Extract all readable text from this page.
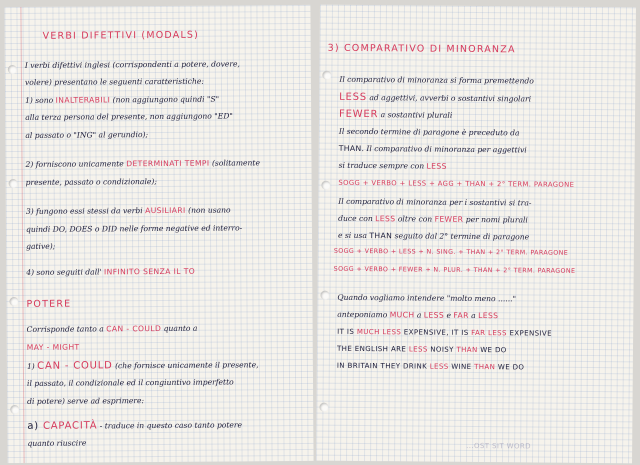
VERBI DIFETTIVI (MODALS)
I verbi difettivi inglesi (corrispondenti a potere, dovere,
volere) presentano le seguenti caratteristiche:
1) sono INALTERABILI (non aggiungono quindi "S"
alla terza persona del presente, non aggiungono "ED"
al passato o "ING" al gerundio);
2) forniscono unicamente DETERMINATI TEMPI (solitamente
presente, passato o condizionale);
3) fungono essi stessi da verbi AUSILIARI (non usano
quindi DO, DOES o DID nelle forme negative ed interro-
gative);
4) sono seguiti dall' INFINITO SENZA IL TO
POTERE
Corrisponde tanto a CAN - COULD quanto a
MAY - MIGHT
1) CAN - COULD (che fornisce unicamente il presente,
il passato, il condizionale ed il congiuntivo imperfetto
di potere) serve ad esprimere:
a) CAPACITÀ - traduce in questo caso tanto potere
quanto riuscire
3) COMPARATIVO DI MINORANZA
Il comparativo di minoranza si forma premettendo
LESS ad aggettivi, avverbi o sostantivi singolari
FEWER a sostantivi plurali
Il secondo termine di paragone è preceduto da
THAN. Il comparativo di minoranza per aggettivi
si traduce sempre con LESS
SOGG + VERBO + LESS + AGG + THAN + 2° TERM. PARAGONE
Il comparativo di minoranza per i sostantivi si tra-
duce con LESS oltre con FEWER per nomi plurali
e si usa THAN seguito dal 2° termine di paragone
SOGG + VERBO + LESS + N. SING. + THAN + 2° TERM. PARAGONE
SOGG + VERBO + FEWER + N. PLUR. + THAN + 2° TERM. PARAGONE
Quando vogliamo intendere "molto meno ......"
anteponiamo MUCH a LESS e FAR a LESS
IT IS MUCH LESS EXPENSIVE, IT IS FAR LESS EXPENSIVE
THE ENGLISH ARE LESS NOISY THAN WE DO
IN BRITAIN THEY DRINK LESS WINE THAN WE DO
...OST SIT WORD
